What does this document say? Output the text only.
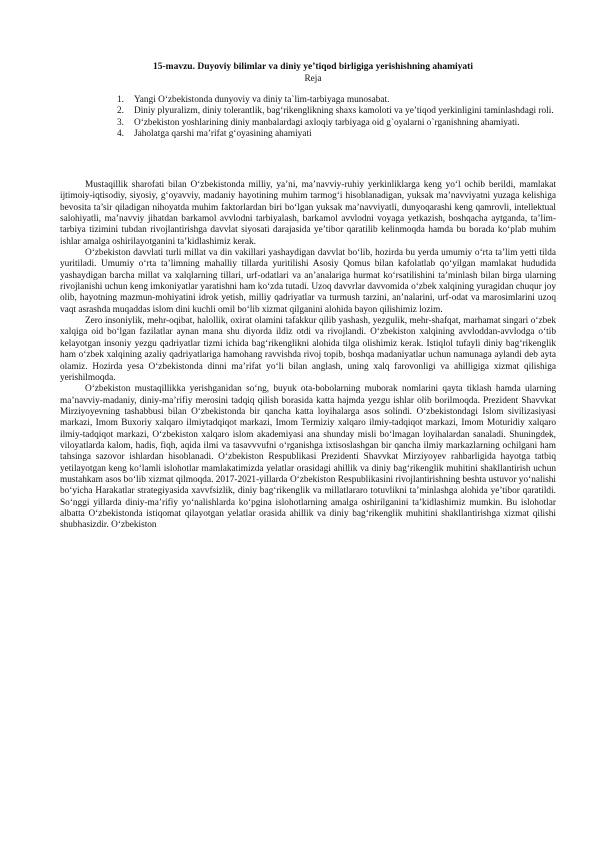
15-mavzu. Duyoviy bilimlar va diniy ye’tiqod birligiga yerishishning ahamiyati
Reja
1. Yangi O‘zbekistonda dunyoviy va diniy ta`lim-tarbiyaga munosabat.
2. Diniy plyuralizm, diniy tolerantlik, bag‘rikenglikning shaxs kamoloti va ye’tiqod yerkinligini taminlashdagi roli.
3. O‘zbekiston yoshlarining diniy manbalardagi axloqiy tarbiyaga oid g`oyalarni o`rganishning ahamiyati.
4. Jaholatga qarshi ma’rifat g‘oyasining ahamiyati

Mustaqillik sharofati bilan O‘zbekistonda milliy, ya’ni, ma’navviy-ruhiy yerkinliklarga keng yo‘l ochib berildi, mamlakat ijtimoiy-iqtisodiy, siyosiy, g‘oyavviy, madaniy hayotining muhim tarmog‘i hisoblanadigan, yuksak ma’navviyatni yuzaga kelishiga bevosita ta’sir qiladigan nihoyatda muhim faktorlardan biri bo‘lgan yuksak ma’navviyatli, dunyoqarashi keng qamrovli, intellektual salohiyatli, ma’navviy jihatdan barkamol avvlodni tarbiyalash, barkamol avvlodni voyaga yetkazish, boshqacha aytganda, ta’lim-tarbiya tizimini tubdan rivojlantirishga davvlat siyosati darajasida ye’tibor qaratilib kelinmoqda hamda bu borada ko‘plab muhim ishlar amalga oshirilayotganini ta’kidlashimiz kerak.

O‘zbekiston davvlati turli millat va din vakillari yashaydigan davvlat bo‘lib, hozirda bu yerda umumiy o‘rta ta’lim yetti tilda yuritiladi. Umumiy o‘rta ta’limning mahalliy tillarda yuritilishi Asosiy Qomus bilan kafolatlab qo‘yilgan mamlakat hududida yashaydigan barcha millat va xalqlarning tillari, urf-odatlari va an’analariga hurmat ko‘rsatilishini ta’minlash bilan birga ularning rivojlanishi uchun keng imkoniyatlar yaratishni ham ko‘zda tutadi. Uzoq davvrlar davvomida o‘zbek xalqining yuragidan chuqur joy olib, hayotning mazmun-mohiyatini idrok yetish, milliy qadriyatlar va turmush tarzini, an’nalarini, urf-odat va marosimlarini uzoq vaqt asrashda muqaddas islom dini kuchli omil bo‘lib xizmat qilganini alohida bayon qilishimiz lozim.

Zero insoniylik, mehr-oqibat, halollik, oxirat olamini tafakkur qilib yashash, yezgulik, mehr-shafqat, marhamat singari o‘zbek xalqiga oid bo‘lgan fazilatlar aynan mana shu diyorda ildiz otdi va rivojlandi. O‘zbekiston xalqining avvloddan-avvlodga o‘tib kelayotgan insoniy yezgu qadriyatlar tizmi ichida bag‘rikenglikni alohida tilga olishimiz kerak. Istiqlol tufayli diniy bag‘rikenglik ham o‘zbek xalqining azaliy qadriyatlariga hamohang ravvishda rivoj topib, boshqa madaniyatlar uchun namunaga aylandi deb ayta olamiz. Hozirda yesa O‘zbekistonda dinni ma’rifat yo‘li bilan anglash, uning xalq farovonligi va ahilligiga xizmat qilishiga yerishilmoqda.

O‘zbekiston mustaqillikka yerishganidan so‘ng, buyuk ota-bobolarning muborak nomlarini qayta tiklash hamda ularning ma’navviy-madaniy, diniy-ma’rifiy merosini tadqiq qilish borasida katta hajmda yezgu ishlar olib borilmoqda. Prezident Shavvkat Mirziyoyevning tashabbusi bilan O‘zbekistonda bir qancha katta loyihalarga asos solindi. O‘zbekistondagi Islom sivilizasiyasi markazi, Imom Buxoriy xalqaro ilmiytadqiqot markazi, Imom Termiziy xalqaro ilmiy-tadqiqot markazi, Imom Moturidiy xalqaro ilmiy-tadqiqot markazi, O‘zbekiston xalqaro islom akademiyasi ana shunday misli bo‘lmagan loyihalardan sanaladi. Shuningdek, viloyatlarda kalom, hadis, fiqh, aqida ilmi va tasavvvufni o‘rganishga ixtisoslashgan bir qancha ilmiy markazlarning ochilgani ham tahsinga sazovor ishlardan hisoblanadi. O‘zbekiston Respublikasi Prezidenti Shavvkat Mirziyoyev rahbarligida hayotga tatbiq yetilayotgan keng ko‘lamli islohotlar mamlakatimizda yelatlar orasidagi ahillik va diniy bag‘rikenglik muhitini shakllantirish uchun mustahkam asos bo‘lib xizmat qilmoqda. 2017-2021-yillarda O‘zbekiston Respublikasini rivojlantirishning beshta ustuvor yo‘nalishi bo‘yicha Harakatlar strategiyasida xavvfsizlik, diniy bag‘rikenglik va millatlararo totuvlikni ta’minlashga alohida ye’tibor qaratildi. So‘nggi yillarda diniy-ma’rifiy yo‘nalishlarda ko‘pgina islohotlarning amalga oshirilganini ta’kidlashimiz mumkin. Bu islohotlar albatta O‘zbekistonda istiqomat qilayotgan yelatlar orasida ahillik va diniy bag‘rikenglik muhitini shakllantirishga xizmat qilishi shubhasizdir. O‘zbekiston
